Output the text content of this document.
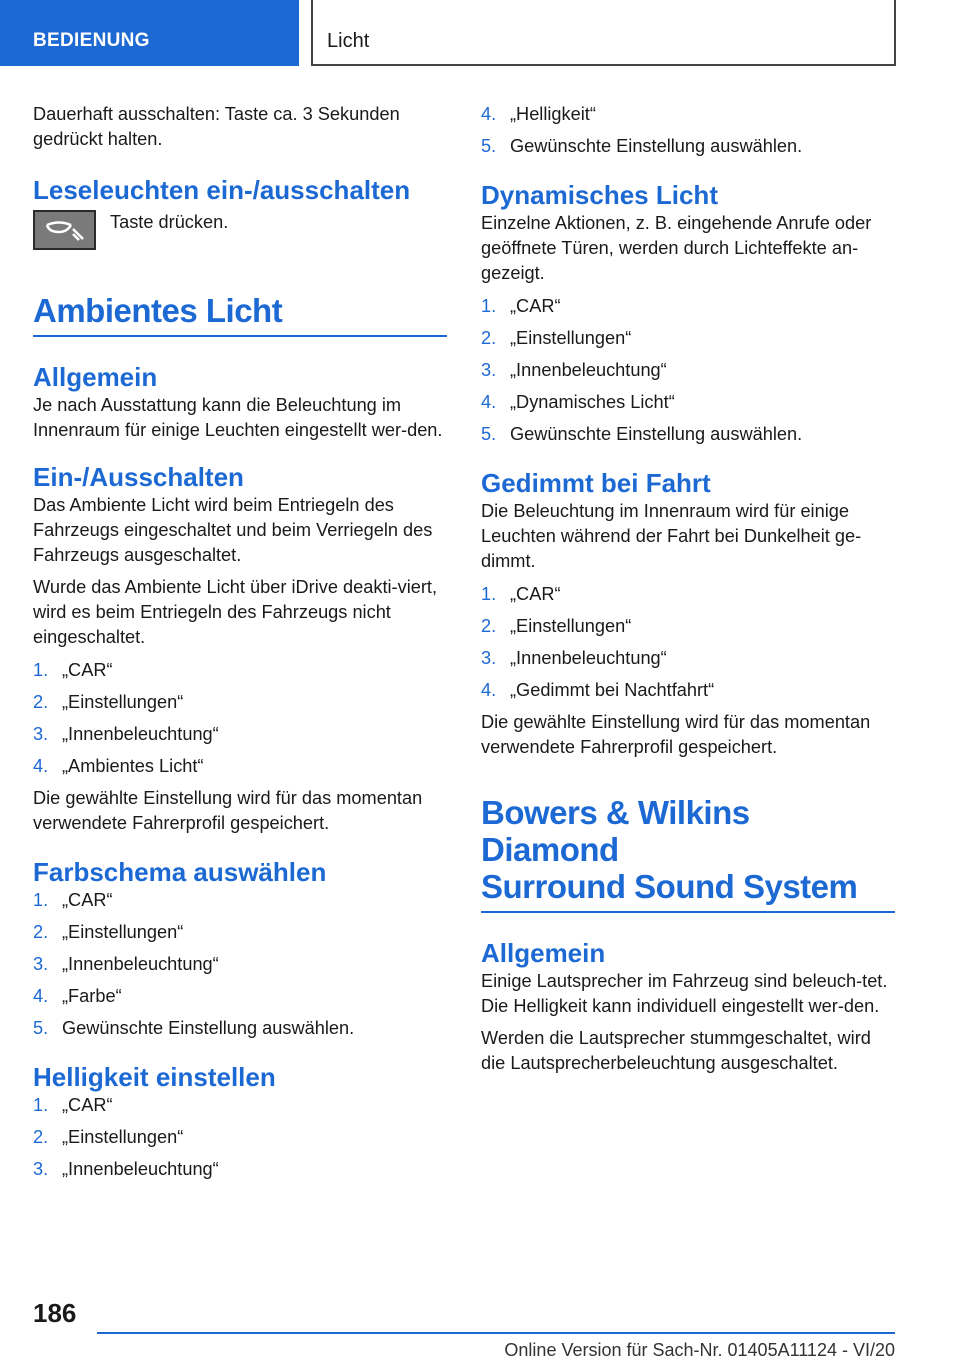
BEDIENUNG	Licht

Dauerhaft ausschalten: Taste ca. 3 Sekunden gedrückt halten.

Leseleuchten ein-/ausschalten

Taste drücken.

Ambientes Licht
Allgemein

Je nach Ausstattung kann die Beleuchtung im Innenraum für einige Leuchten eingestellt wer-den.

Ein-/Ausschalten

Das Ambiente Licht wird beim Entriegeln des Fahrzeugs eingeschaltet und beim Verriegeln des Fahrzeugs ausgeschaltet.

Wurde das Ambiente Licht über iDrive deakti-viert, wird es beim Entriegeln des Fahrzeugs nicht eingeschaltet.

1. „CAR“
2. „Einstellungen“
3. „Innenbeleuchtung“
4. „Ambientes Licht“

Die gewählte Einstellung wird für das momentan verwendete Fahrerprofil gespeichert.

Farbschema auswählen
1. „CAR“
2. „Einstellungen“
3. „Innenbeleuchtung“
4. „Farbe“
5. Gewünschte Einstellung auswählen.
Helligkeit einstellen
1. „CAR“
2. „Einstellungen“
3. „Innenbeleuchtung“
4. „Helligkeit“
5. Gewünschte Einstellung auswählen.
Dynamisches Licht

Einzelne Aktionen, z. B. eingehende Anrufe oder geöffnete Türen, werden durch Lichteffekte an-gezeigt.

1. „CAR“
2. „Einstellungen“
3. „Innenbeleuchtung“
4. „Dynamisches Licht“
5. Gewünschte Einstellung auswählen.
Gedimmt bei Fahrt

Die Beleuchtung im Innenraum wird für einige Leuchten während der Fahrt bei Dunkelheit ge-dimmt.

1. „CAR“
2. „Einstellungen“
3. „Innenbeleuchtung“
4. „Gedimmt bei Nachtfahrt“

Die gewählte Einstellung wird für das momentan verwendete Fahrerprofil gespeichert.

Bowers & Wilkins Diamond
Surround Sound System
Allgemein

Einige Lautsprecher im Fahrzeug sind beleuch-tet. Die Helligkeit kann individuell eingestellt wer-den.

Werden die Lautsprecher stummgeschaltet, wird die Lautsprecherbeleuchtung ausgeschaltet.

186
Online Version für Sach-Nr. 01405A11124 - VI/20
